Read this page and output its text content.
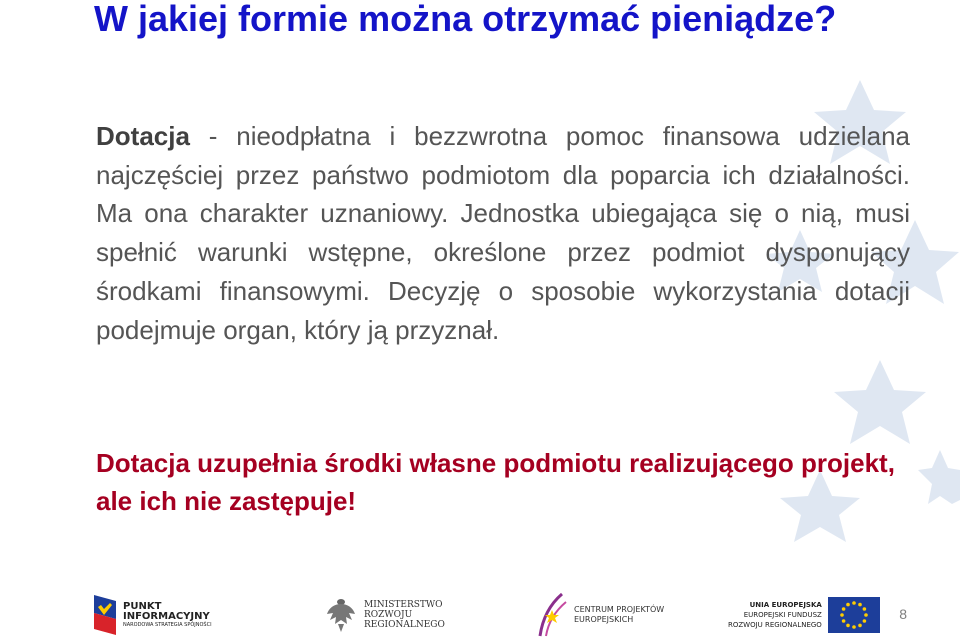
W jakiej formie można otrzymać pieniądze?

Dotacja - nieodpłatna i bezzwrotna pomoc finansowa udzielana najczęściej przez państwo podmiotom dla poparcia ich działalności. Ma ona charakter uznaniowy. Jednostka ubiegająca się o nią, musi spełnić warunki wstępne, określone przez podmiot dysponujący środkami finansowymi. Decyzję o sposobie wykorzystania dotacji podejmuje organ, który ją przyznał.

Dotacja uzupełnia środki własne podmiotu realizującego projekt, ale ich nie zastępuje!

PUNKT
INFORMACYJNY
NARODOWA STRATEGIA SPÓJNOŚCI
MINISTERSTWO
ROZWOJU
REGIONALNEGO
CENTRUM PROJEKTÓW
EUROPEJSKICH
UNIA EUROPEJSKA
EUROPEJSKI FUNDUSZ
ROZWOJU REGIONALNEGO
8
